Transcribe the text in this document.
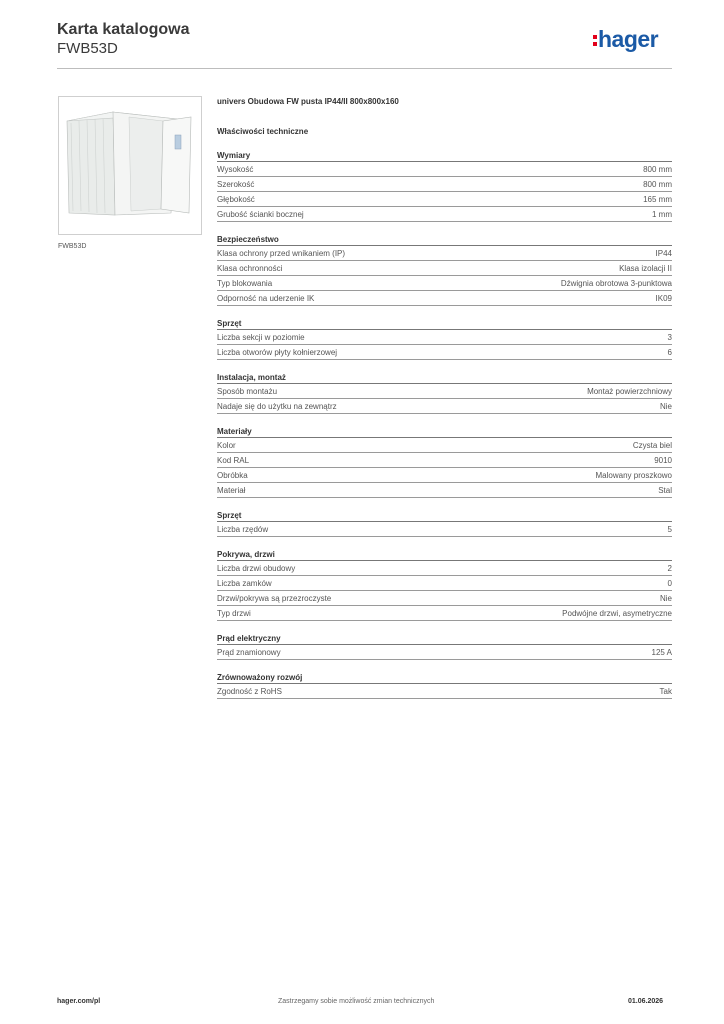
Karta katalogowa
FWB53D	hager
FWB53D
univers Obudowa FW pusta IP44/II 800x800x160
Właściwości techniczne
Wymiary
Wysokość	800 mm
Szerokość	800 mm
Głębokość	165 mm
Grubość ścianki bocznej	1 mm
Bezpieczeństwo
Klasa ochrony przed wnikaniem (IP)	IP44
Klasa ochronności	Klasa izolacji II
Typ blokowania	Dźwignia obrotowa 3-punktowa
Odporność na uderzenie IK	IK09
Sprzęt
Liczba sekcji w poziomie	3
Liczba otworów płyty kołnierzowej	6
Instalacja, montaż
Sposób montażu	Montaż powierzchniowy
Nadaje się do użytku na zewnątrz	Nie
Materiały
Kolor	Czysta biel
Kod RAL	9010
Obróbka	Malowany proszkowo
Materiał	Stal
Sprzęt
Liczba rzędów	5
Pokrywa, drzwi
Liczba drzwi obudowy	2
Liczba zamków	0
Drzwi/pokrywa są przezroczyste	Nie
Typ drzwi	Podwójne drzwi, asymetryczne
Prąd elektryczny
Prąd znamionowy	125 A
Zrównoważony rozwój
Zgodność z RoHS	Tak
hager.com/pl	Zastrzegamy sobie możliwość zmian technicznych	01.06.2026
